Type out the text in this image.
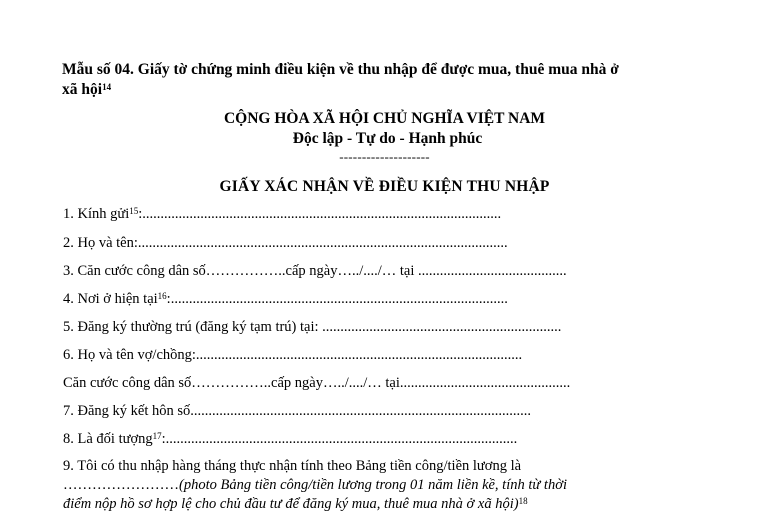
Mẫu số 04. Giấy tờ chứng minh điều kiện về thu nhập để được mua, thuê mua nhà ở
xã hội$^{14}$
CỘNG HÒA XÃ HỘI CHỦ NGHĨA VIỆT NAM
Độc lập - Tự do - Hạnh phúc
--------------------
GIẤY XÁC NHẬN VỀ ĐIỀU KIỆN THU NHẬP
1. Kính gửi$^{15}$:...................................................................................................
2. Họ và tên:......................................................................................................
3. Căn cước công dân số……………..cấp ngày…../..../… tại .........................................
4. Nơi ở hiện tại$^{16}$:.............................................................................................
5. Đăng ký thường trú (đăng ký tạm trú) tại: ..................................................................
6. Họ và tên vợ/chồng:..........................................................................................
Căn cước công dân số……………..cấp ngày…../..../… tại...............................................
7. Đăng ký kết hôn số..............................................................................................
8. Là đối tượng$^{17}$:.................................................................................................
9. Tôi có thu nhập hàng tháng thực nhận tính theo Bảng tiền công/tiền lương là
……………………(photo Bảng tiền công/tiền lương trong 01 năm liền kề, tính từ thời
điểm nộp hồ sơ hợp lệ cho chủ đầu tư để đăng ký mua, thuê mua nhà ở xã hội)$^{18}$
